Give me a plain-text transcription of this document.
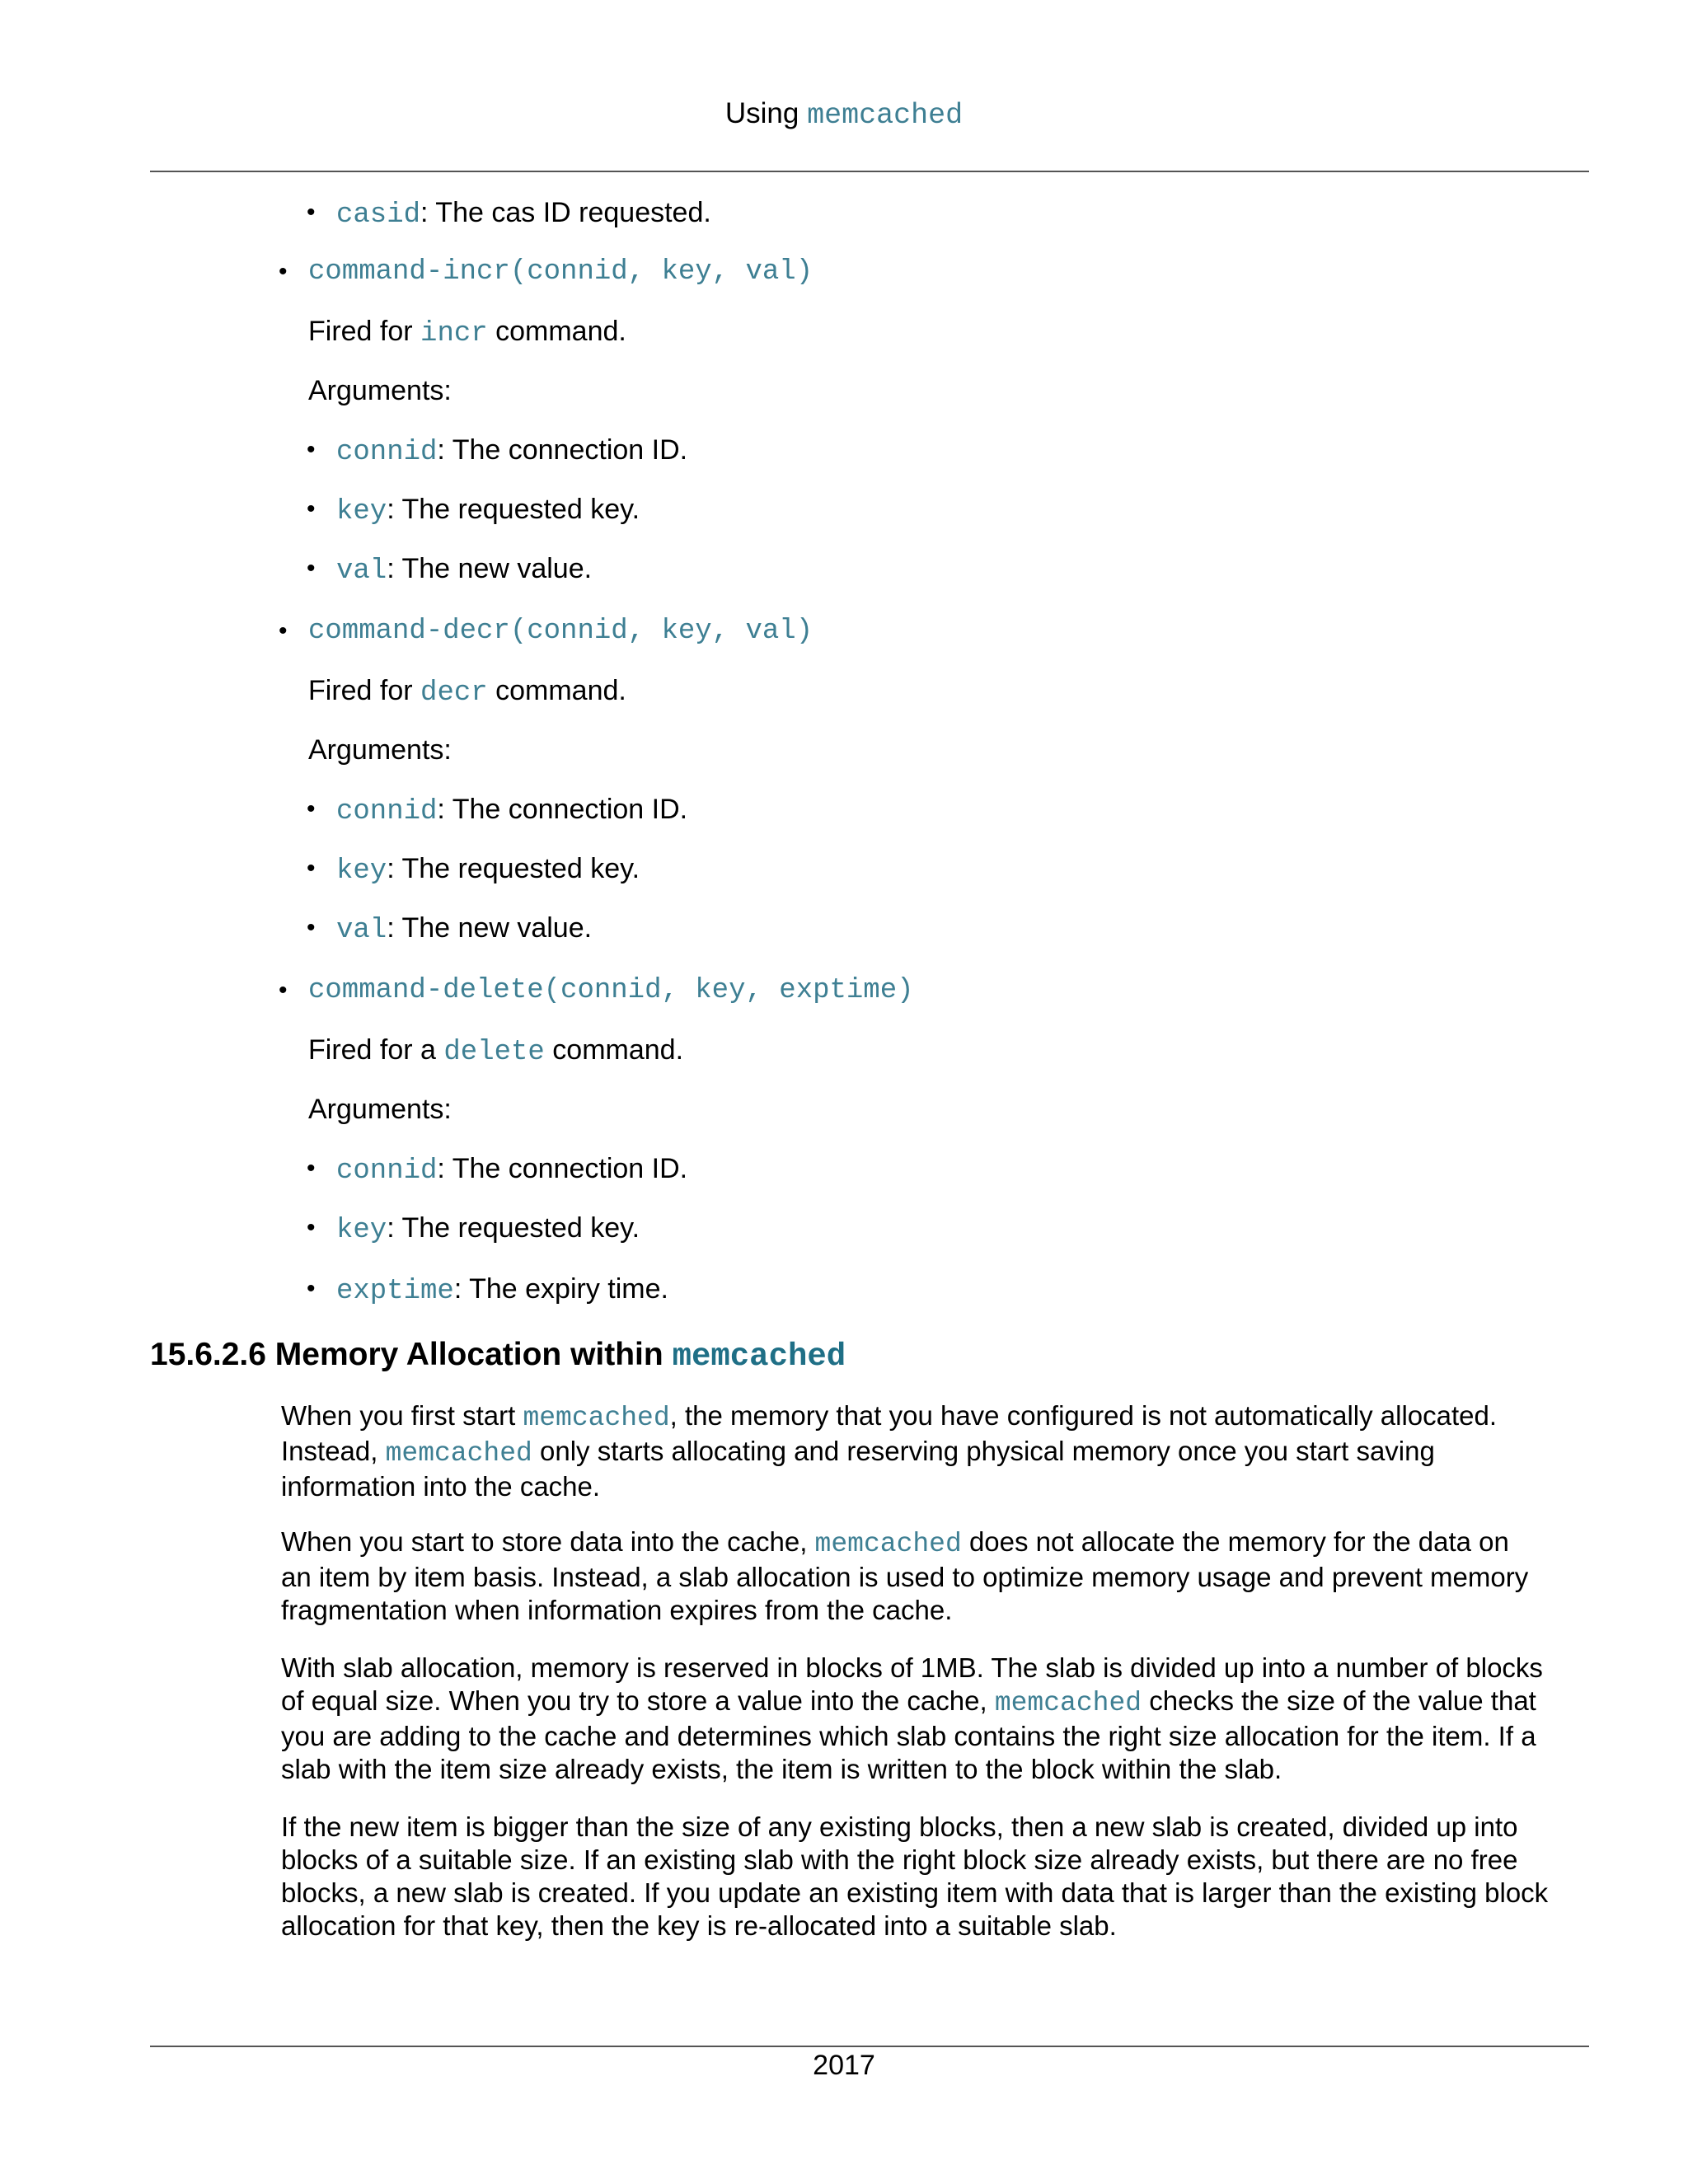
Using memcached
• casid: The cas ID requested.
• command-incr(connid, key, val)
Fired for incr command.
Arguments:
• connid: The connection ID.
• key: The requested key.
• val: The new value.
• command-decr(connid, key, val)
Fired for decr command.
Arguments:
• connid: The connection ID.
• key: The requested key.
• val: The new value.
• command-delete(connid, key, exptime)
Fired for a delete command.
Arguments:
• connid: The connection ID.
• key: The requested key.
• exptime: The expiry time.
15.6.2.6 Memory Allocation within memcached

When you first start memcached, the memory that you have configured is not automatically allocated.

Instead, memcached only starts allocating and reserving physical memory once you start saving

information into the cache.

When you start to store data into the cache, memcached does not allocate the memory for the data on

an item by item basis. Instead, a slab allocation is used to optimize memory usage and prevent memory

fragmentation when information expires from the cache.

With slab allocation, memory is reserved in blocks of 1MB. The slab is divided up into a number of blocks

of equal size. When you try to store a value into the cache, memcached checks the size of the value that

you are adding to the cache and determines which slab contains the right size allocation for the item. If a

slab with the item size already exists, the item is written to the block within the slab.

If the new item is bigger than the size of any existing blocks, then a new slab is created, divided up into

blocks of a suitable size. If an existing slab with the right block size already exists, but there are no free

blocks, a new slab is created. If you update an existing item with data that is larger than the existing block

allocation for that key, then the key is re-allocated into a suitable slab.

2017
